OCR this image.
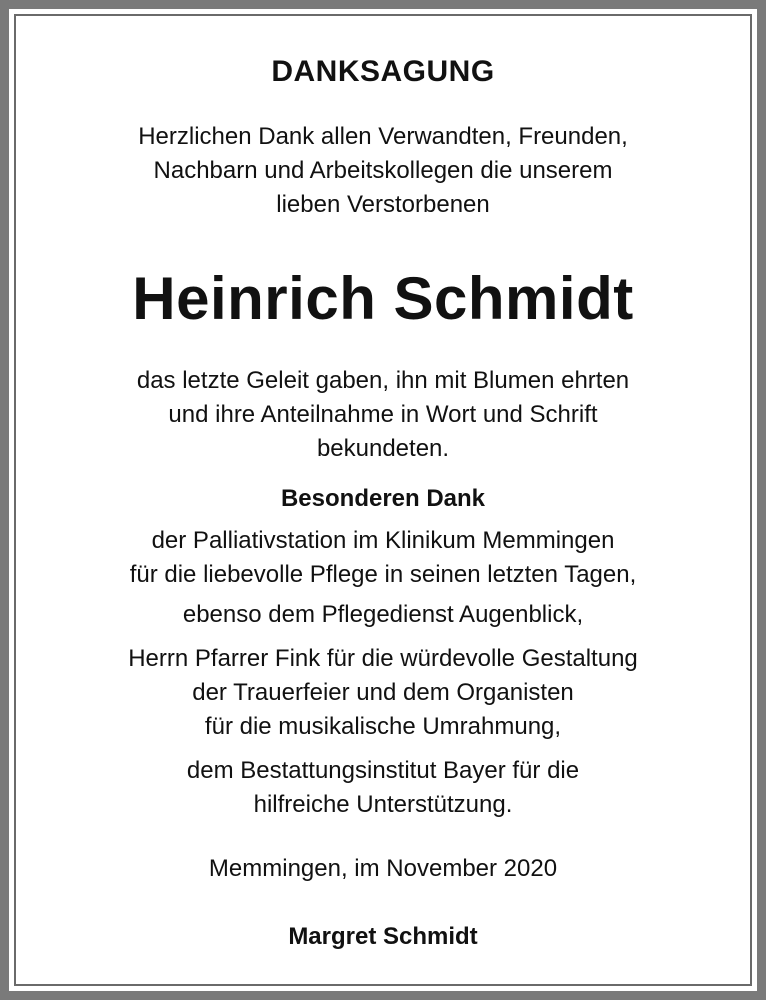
DANKSAGUNG
Herzlichen Dank allen Verwandten, Freunden,
Nachbarn und Arbeitskollegen die unserem
lieben Verstorbenen
Heinrich Schmidt
das letzte Geleit gaben, ihn mit Blumen ehrten
und ihre Anteilnahme in Wort und Schrift
bekundeten.
Besonderen Dank
der Palliativstation im Klinikum Memmingen
für die liebevolle Pflege in seinen letzten Tagen,
ebenso dem Pflegedienst Augenblick,
Herrn Pfarrer Fink für die würdevolle Gestaltung
der Trauerfeier und dem Organisten
für die musikalische Umrahmung,
dem Bestattungsinstitut Bayer für die
hilfreiche Unterstützung.
Memmingen, im November 2020
Margret Schmidt
